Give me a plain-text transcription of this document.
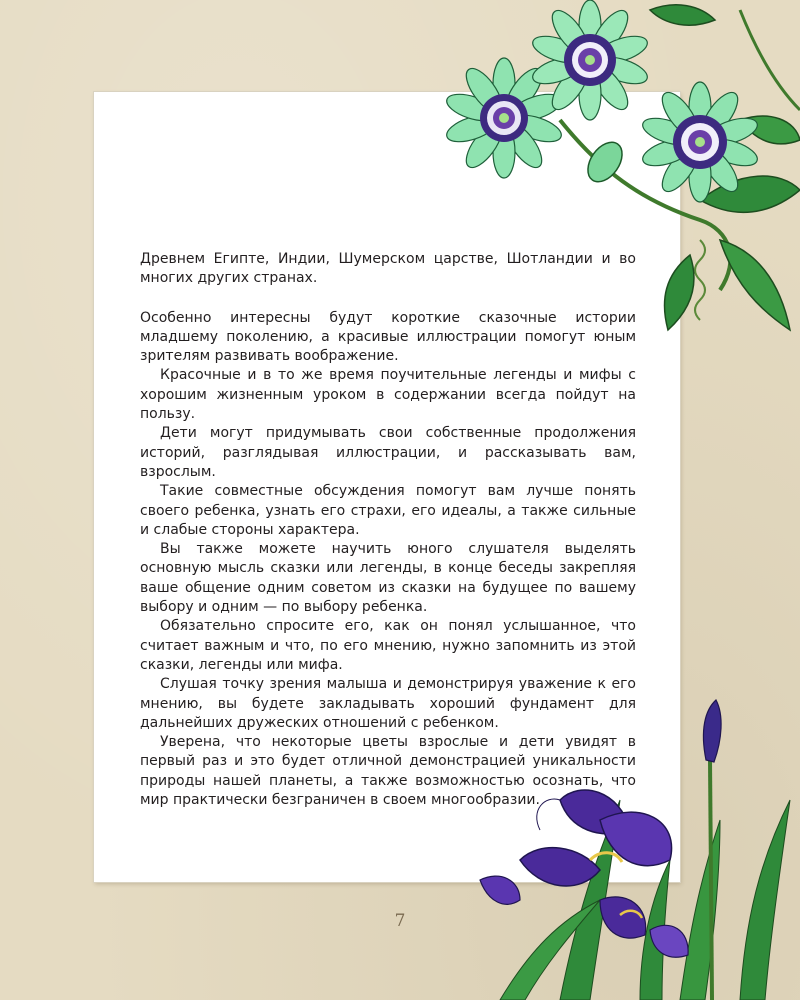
Древнем Египте, Индии, Шумерском царстве, Шотландии и во многих других странах.

Особенно интересны будут короткие сказочные истории младшему поколению, а красивые иллюстрации помогут юным зрителям развивать воображение.

Красочные и в то же время поучительные легенды и мифы с хорошим жизненным уроком в содержании всегда пойдут на пользу.

Дети могут придумывать свои собственные продолжения историй, разглядывая иллюстрации, и рассказывать вам, взрослым.

Такие совместные обсуждения помогут вам лучше понять своего ребенка, узнать его страхи, его идеалы, а также сильные и слабые стороны характера.

Вы также можете научить юного слушателя выделять основную мысль сказки или легенды, в конце беседы закрепляя ваше общение одним советом из сказки на будущее по вашему выбору и одним — по выбору ребенка.

Обязательно спросите его, как он понял услышанное, что считает важным и что, по его мнению, нужно запомнить из этой сказки, легенды или мифа.

Слушая точку зрения малыша и демонстрируя уважение к его мнению, вы будете закладывать хороший фундамент для дальнейших дружеских отношений с ребенком.

Уверена, что некоторые цветы взрослые и дети увидят в первый раз и это будет отличной демонстрацией уникальности природы нашей планеты, а также возможностью осознать, что мир практически безграничен в своем многообразии.

7
